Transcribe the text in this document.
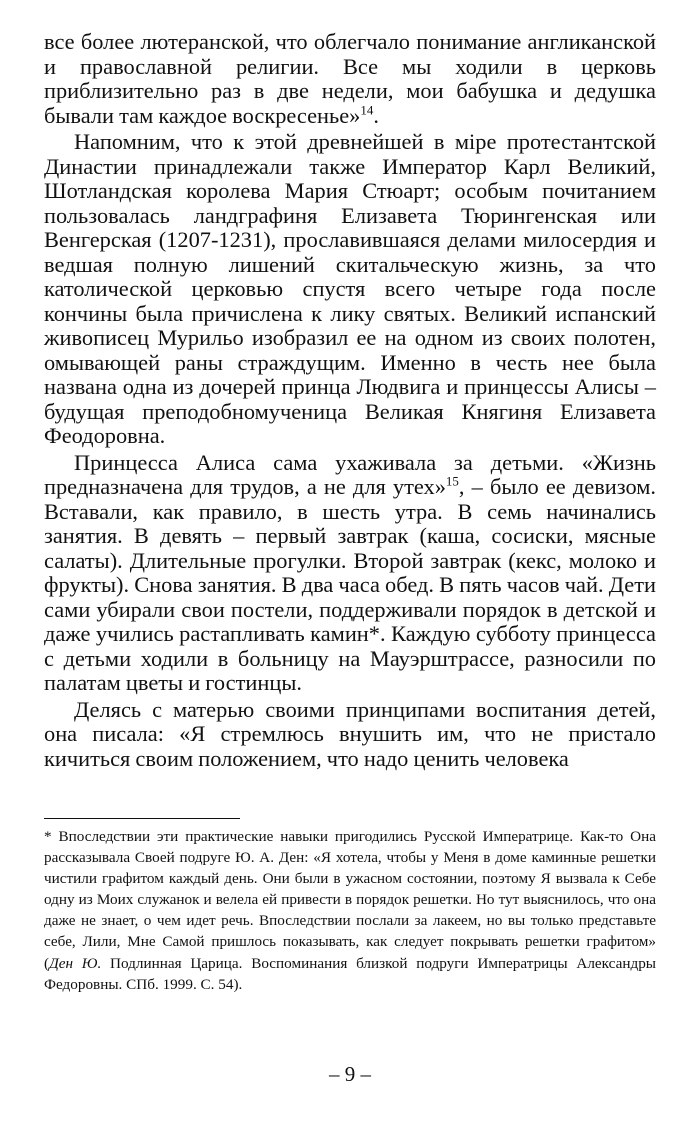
все более лютеранской, что облегчало понимание англиканской и православной религии. Все мы ходили в церковь приблизительно раз в две недели, мои бабушка и дедушка бывали там каждое воскресенье»$^{14}$.

Напомним, что к этой древнейшей в міре протестантской Династии принадлежали также Император Карл Великий, Шотландская королева Мария Стюарт; особым почитанием пользовалась ландграфиня Елизавета Тюрингенская или Венгерская (1207-1231), прославившаяся делами милосердия и ведшая полную лишений скитальческую жизнь, за что католической церковью спустя всего четыре года после кончины была причислена к лику святых. Великий испанский живописец Мурильо изобразил ее на одном из своих полотен, омывающей раны страждущим. Именно в честь нее была названа одна из дочерей принца Людвига и принцессы Алисы – будущая преподобномученица Великая Княгиня Елизавета Феодоровна.

Принцесса Алиса сама ухаживала за детьми. «Жизнь предназначена для трудов, а не для утех»$^{15}$, – было ее девизом. Вставали, как правило, в шесть утра. В семь начинались занятия. В девять – первый завтрак (каша, сосиски, мясные салаты). Длительные прогулки. Второй завтрак (кекс, молоко и фрукты). Снова занятия. В два часа обед. В пять часов чай. Дети сами убирали свои постели, поддерживали порядок в детской и даже учились растапливать камин*. Каждую субботу принцесса с детьми ходили в больницу на Мауэрштрассе, разносили по палатам цветы и гостинцы.

Делясь с матерью своими принципами воспитания детей, она писала: «Я стремлюсь внушить им, что не пристало кичиться своим положением, что надо ценить человека

* Впоследствии эти практические навыки пригодились Русской Императрице. Как-то Она рассказывала Своей подруге Ю. А. Ден: «Я хотела, чтобы у Меня в доме каминные решетки чистили графитом каждый день. Они были в ужасном состоянии, поэтому Я вызвала к Себе одну из Моих служанок и велела ей привести в порядок решетки. Но тут выяснилось, что она даже не знает, о чем идет речь. Впоследствии послали за лакеем, но вы только представьте себе, Лили, Мне Самой пришлось показывать, как следует покрывать решетки графитом» (Ден Ю. Подлинная Царица. Воспоминания близкой подруги Императрицы Александры Федоровны. СПб. 1999. С. 54).

– 9 –
